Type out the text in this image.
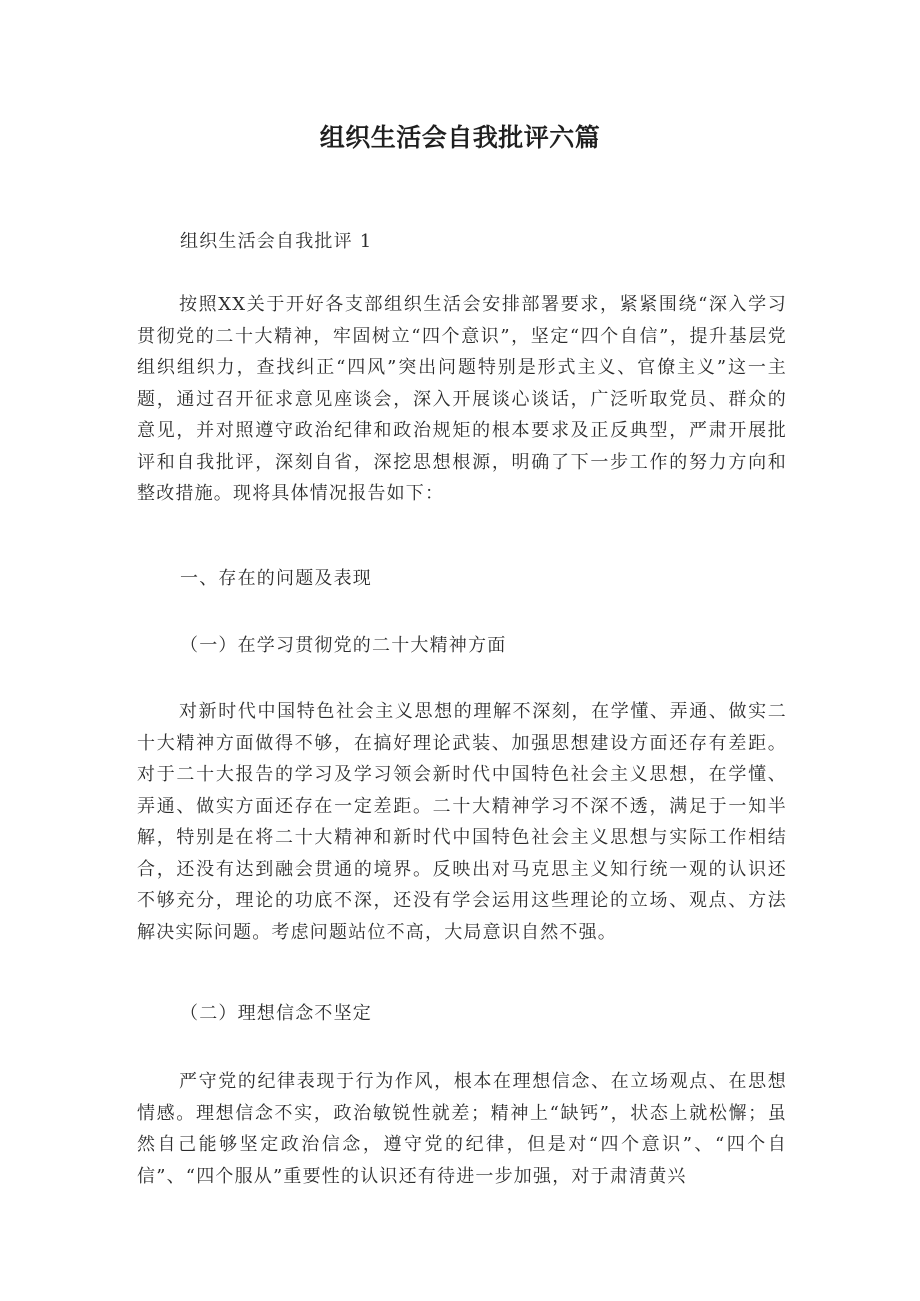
组织生活会自我批评六篇

组织生活会自我批评 1

按照XX关于开好各支部组织生活会安排部署要求，紧紧围绕“深入学习贯彻党的二十大精神，牢固树立“四个意识”，坚定“四个自信”，提升基层党组织组织力，查找纠正“四风”突出问题特别是形式主义、官僚主义”这一主题，通过召开征求意见座谈会，深入开展谈心谈话，广泛听取党员、群众的意见，并对照遵守政治纪律和政治规矩的根本要求及正反典型，严肃开展批评和自我批评，深刻自省，深挖思想根源，明确了下一步工作的努力方向和整改措施。现将具体情况报告如下：

一、存在的问题及表现

（一）在学习贯彻党的二十大精神方面

对新时代中国特色社会主义思想的理解不深刻，在学懂、弄通、做实二十大精神方面做得不够，在搞好理论武装、加强思想建设方面还存有差距。对于二十大报告的学习及学习领会新时代中国特色社会主义思想，在学懂、弄通、做实方面还存在一定差距。二十大精神学习不深不透，满足于一知半解，特别是在将二十大精神和新时代中国特色社会主义思想与实际工作相结合，还没有达到融会贯通的境界。反映出对马克思主义知行统一观的认识还不够充分，理论的功底不深，还没有学会运用这些理论的立场、观点、方法解决实际问题。考虑问题站位不高，大局意识自然不强。

（二）理想信念不坚定

严守党的纪律表现于行为作风，根本在理想信念、在立场观点、在思想情感。理想信念不实，政治敏锐性就差；精神上“缺钙”，状态上就松懈；虽然自己能够坚定政治信念，遵守党的纪律，但是对“四个意识”、“四个自信”、“四个服从”重要性的认识还有待进一步加强，对于肃清黄兴
